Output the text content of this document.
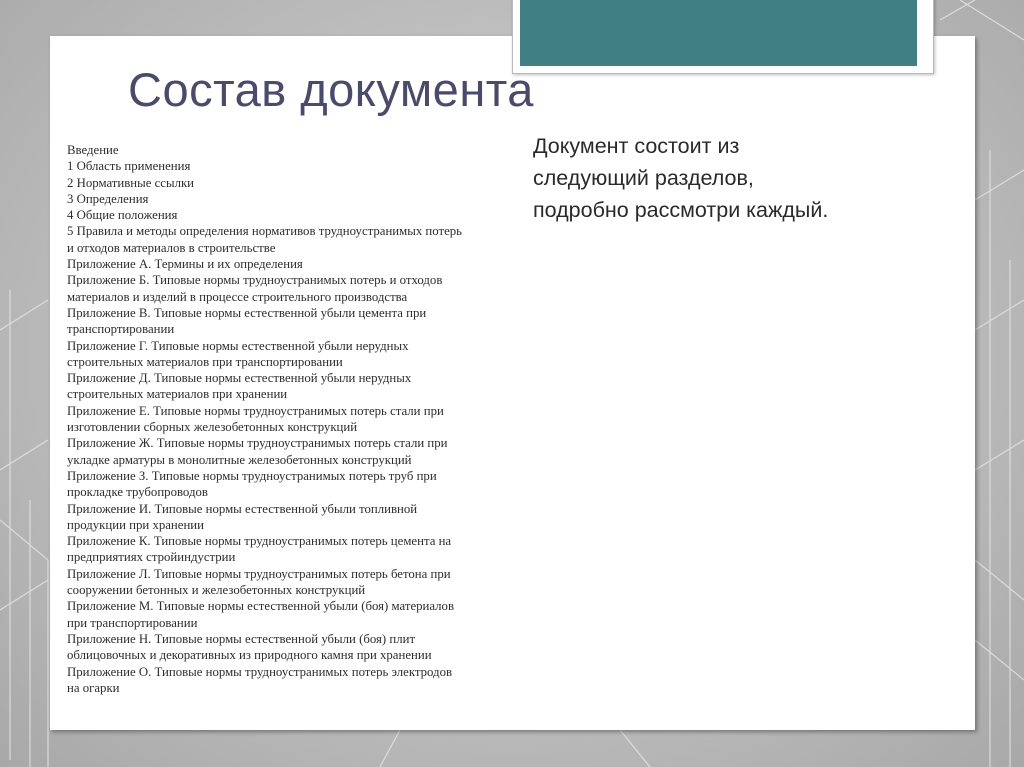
Состав документа
Введение
1 Область применения
2 Нормативные ссылки
3 Определения
4 Общие положения
5 Правила и методы определения нормативов трудноустранимых потерь
и отходов материалов в строительстве
Приложение А. Термины и их определения
Приложение Б. Типовые нормы трудноустранимых потерь и отходов
материалов и изделий в процессе строительного производства
Приложение В. Типовые нормы естественной убыли цемента при
транспортировании
Приложение Г. Типовые нормы естественной убыли нерудных
строительных материалов при транспортировании
Приложение Д. Типовые нормы естественной убыли нерудных
строительных материалов при хранении
Приложение Е. Типовые нормы трудноустранимых потерь стали при
изготовлении сборных железобетонных конструкций
Приложение Ж. Типовые нормы трудноустранимых потерь стали при
укладке арматуры в монолитные железобетонных конструкций
Приложение З. Типовые нормы трудноустранимых потерь труб при
прокладке трубопроводов
Приложение И. Типовые нормы естественной убыли топливной
продукции при хранении
Приложение К. Типовые нормы трудноустранимых потерь цемента на
предприятиях стройиндустрии
Приложение Л. Типовые нормы трудноустранимых потерь бетона при
сооружении бетонных и железобетонных конструкций
Приложение М. Типовые нормы естественной убыли (боя) материалов
при транспортировании
Приложение Н. Типовые нормы естественной убыли (боя) плит
облицовочных и декоративных из природного камня при хранении
Приложение О. Типовые нормы трудноустранимых потерь электродов
на огарки

Документ состоит из
следующий разделов,
подробно рассмотри каждый.
